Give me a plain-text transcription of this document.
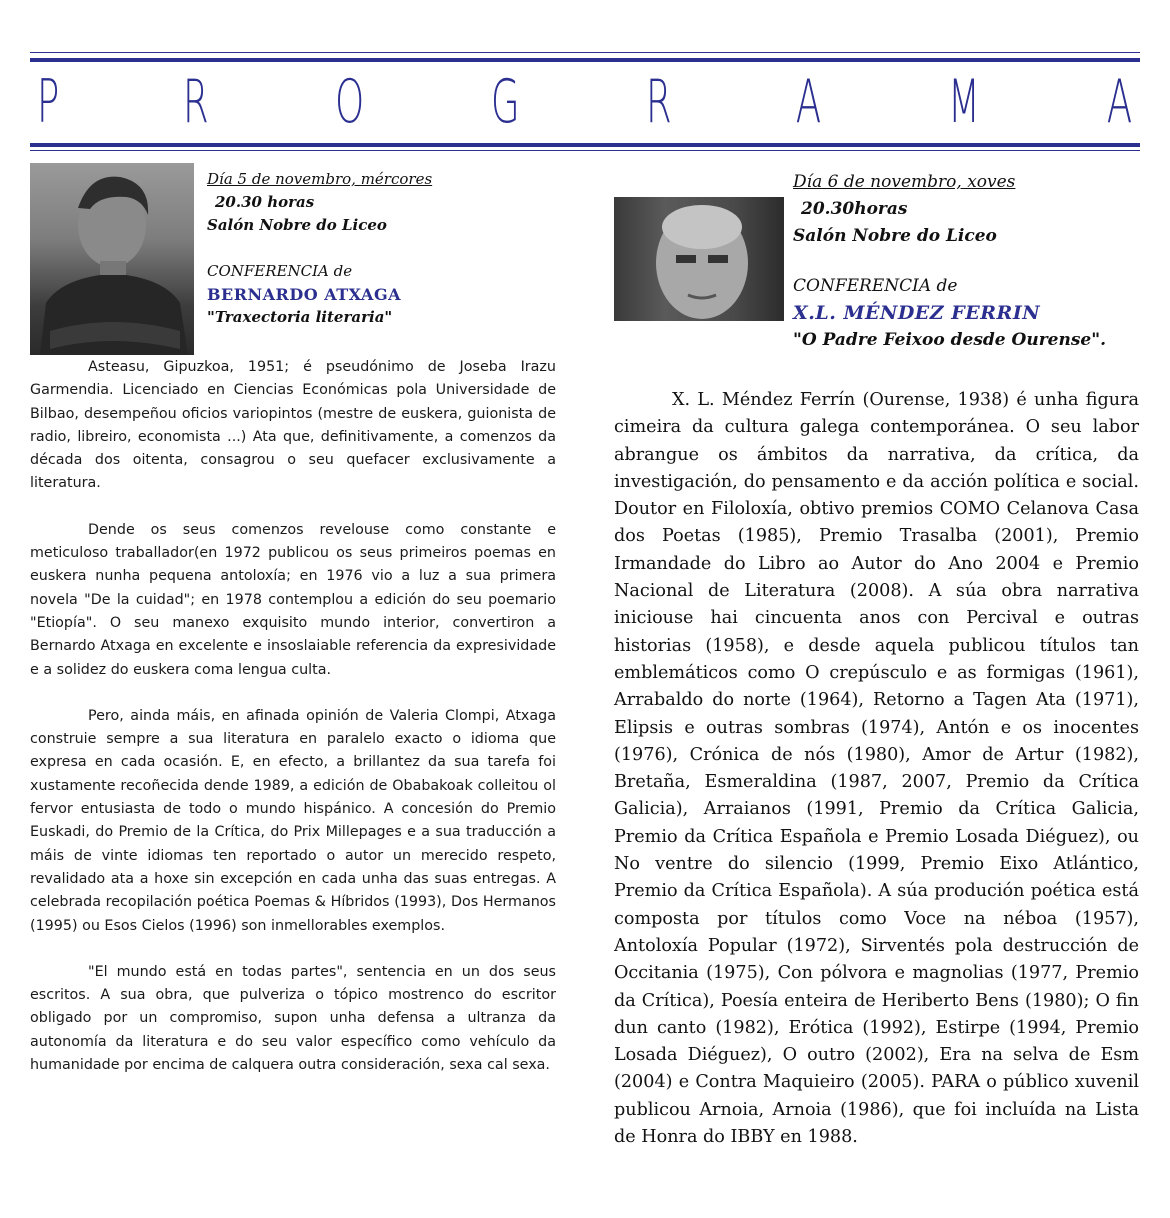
P R O G R A M A
Día 5 de novembro, mércores
20.30 horas
Salón Nobre do Liceo
CONFERENCIA de
BERNARDO ATXAGA
"Traxectoria literaria"

Asteasu, Gipuzkoa, 1951; é pseudónimo de Joseba Irazu Garmendia. Licenciado en Ciencias Económicas pola Universidade de Bilbao, desempeñou oficios variopintos (mestre de euskera, guionista de radio, libreiro, economista ...) Ata que, definitivamente, a comenzos da década dos oitenta, consagrou o seu quefacer exclusivamente a literatura.

Dende os seus comenzos revelouse como constante e meticuloso traballador(en 1972 publicou os seus primeiros poemas en euskera nunha pequena antoloxía; en 1976 vio a luz a sua primera novela "De la cuidad"; en 1978 contemplou a edición do seu poemario "Etiopía". O seu manexo exquisito mundo interior, convertiron a Bernardo Atxaga en excelente e insoslaiable referencia da expresividade e a solidez do euskera coma lengua culta.

Pero, ainda máis, en afinada opinión de Valeria Clompi, Atxaga construie sempre a sua literatura en paralelo exacto o idioma que expresa en cada ocasión. E, en efecto, a brillantez da sua tarefa foi xustamente recoñecida dende 1989, a edición de Obabakoak colleitou ol fervor entusiasta de todo o mundo hispánico. A concesión do Premio Euskadi, do Premio de la Crítica, do Prix Millepages e a sua traducción a máis de vinte idiomas ten reportado o autor un merecido respeto, revalidado ata a hoxe sin excepción en cada unha das suas entregas. A celebrada recopilación poética Poemas & Híbridos (1993), Dos Hermanos (1995) ou Esos Cielos (1996) son inmellorables exemplos.

"El mundo está en todas partes", sentencia en un dos seus escritos. A sua obra, que pulveriza o tópico mostrenco do escritor obligado por un compromiso, supon unha defensa a ultranza da autonomía da literatura e do seu valor específico como vehículo da humanidade por encima de calquera outra consideración, sexa cal sexa.

Día 6 de novembro, xoves
20.30horas
Salón Nobre do Liceo
CONFERENCIA de
X.L. MÉNDEZ FERRIN
"O Padre Feixoo desde Ourense".

X. L. Méndez Ferrín (Ourense, 1938) é unha figura cimeira da cultura galega contemporánea. O seu labor abrangue os ámbitos da narrativa, da crítica, da investigación, do pensamento e da acción política e social. Doutor en Filoloxía, obtivo premios COMO Celanova Casa dos Poetas (1985), Premio Trasalba (2001), Premio Irmandade do Libro ao Autor do Ano 2004 e Premio Nacional de Literatura (2008). A súa obra narrativa iniciouse hai cincuenta anos con Percival e outras historias (1958), e desde aquela publicou títulos tan emblemáticos como O crepúsculo e as formigas (1961), Arrabaldo do norte (1964), Retorno a Tagen Ata (1971), Elipsis e outras sombras (1974), Antón e os inocentes (1976), Crónica de nós (1980), Amor de Artur (1982), Bretaña, Esmeraldina (1987, 2007, Premio da Crítica Galicia), Arraianos (1991, Premio da Crítica Galicia, Premio da Crítica Española e Premio Losada Diéguez), ou No ventre do silencio (1999, Premio Eixo Atlántico, Premio da Crítica Española). A súa produción poética está composta por títulos como Voce na néboa (1957), Antoloxía Popular (1972), Sirventés pola destrucción de Occitania (1975), Con pólvora e magnolias (1977, Premio da Crítica), Poesía enteira de Heriberto Bens (1980); O fin dun canto (1982), Erótica (1992), Estirpe (1994, Premio Losada Diéguez), O outro (2002), Era na selva de Esm (2004) e Contra Maquieiro (2005). PARA o público xuvenil publicou Arnoia, Arnoia (1986), que foi incluída na Lista de Honra do IBBY en 1988.
